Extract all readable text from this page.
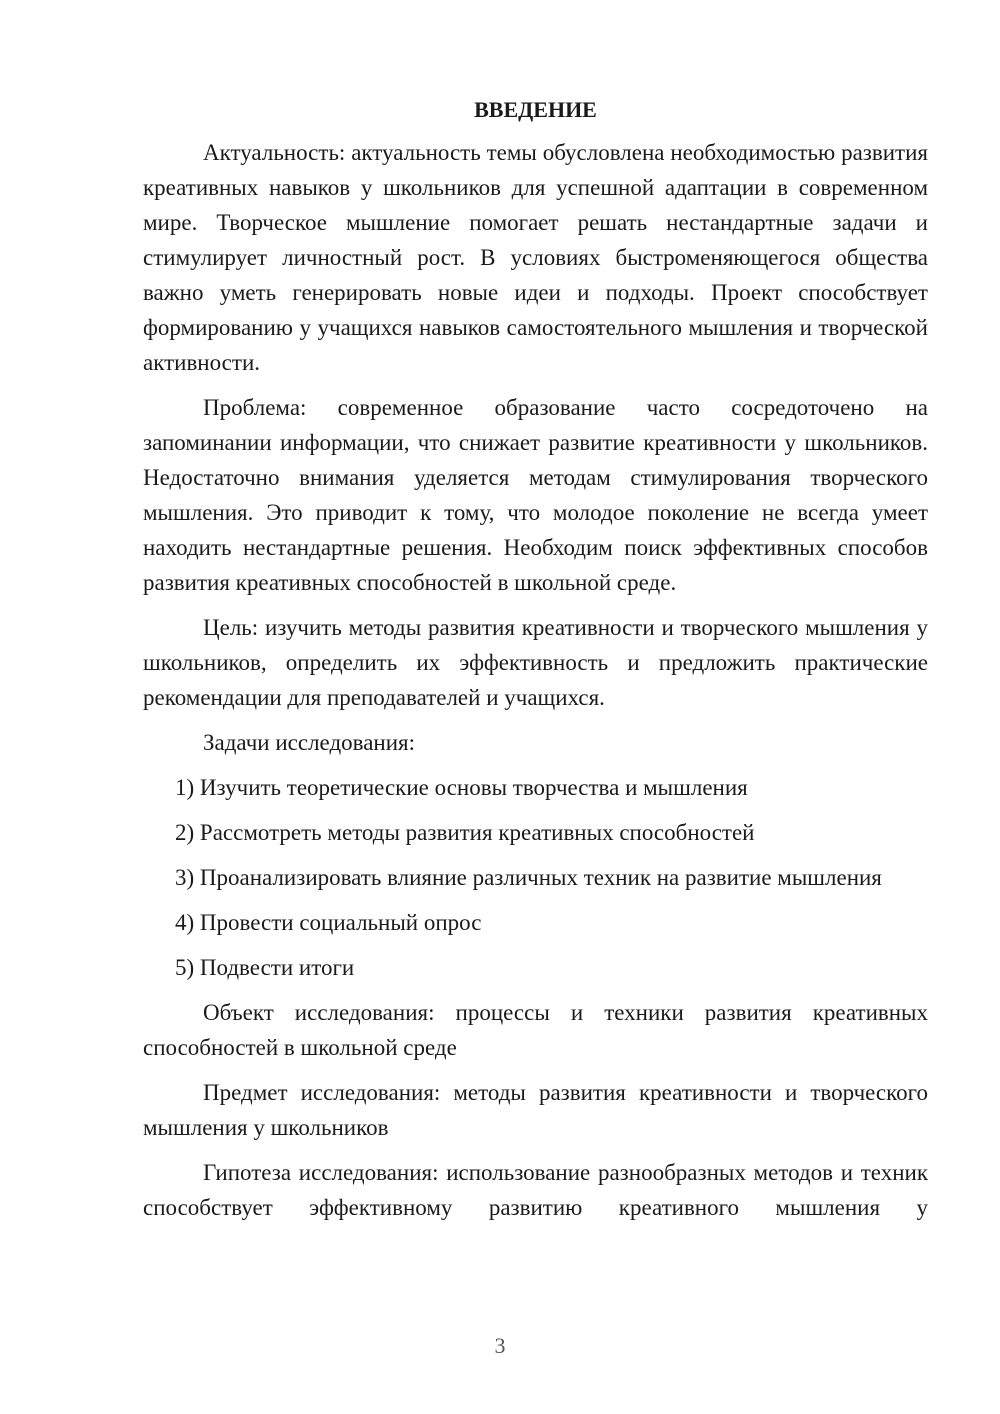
ВВЕДЕНИЕ

Актуальность: актуальность темы обусловлена необходимостью развития креативных навыков у школьников для успешной адаптации в современном мире. Творческое мышление помогает решать нестандартные задачи и стимулирует личностный рост. В условиях быстроменяющегося общества важно уметь генерировать новые идеи и подходы. Проект способствует формированию у учащихся навыков самостоятельного мышления и творческой активности.

Проблема: современное образование часто сосредоточено на запоминании информации, что снижает развитие креативности у школьников. Недостаточно внимания уделяется методам стимулирования творческого мышления. Это приводит к тому, что молодое поколение не всегда умеет находить нестандартные решения. Необходим поиск эффективных способов развития креативных способностей в школьной среде.

Цель: изучить методы развития креативности и творческого мышления у школьников, определить их эффективность и предложить практические рекомендации для преподавателей и учащихся.

Задачи исследования:

1) Изучить теоретические основы творчества и мышления

2) Рассмотреть методы развития креативных способностей

3) Проанализировать влияние различных техник на развитие мышления

4) Провести социальный опрос

5) Подвести итоги

Объект исследования: процессы и техники развития креативных способностей в школьной среде

Предмет исследования: методы развития креативности и творческого мышления у школьников

Гипотеза исследования: использование разнообразных методов и техник способствует эффективному развитию креативного мышления у

3
